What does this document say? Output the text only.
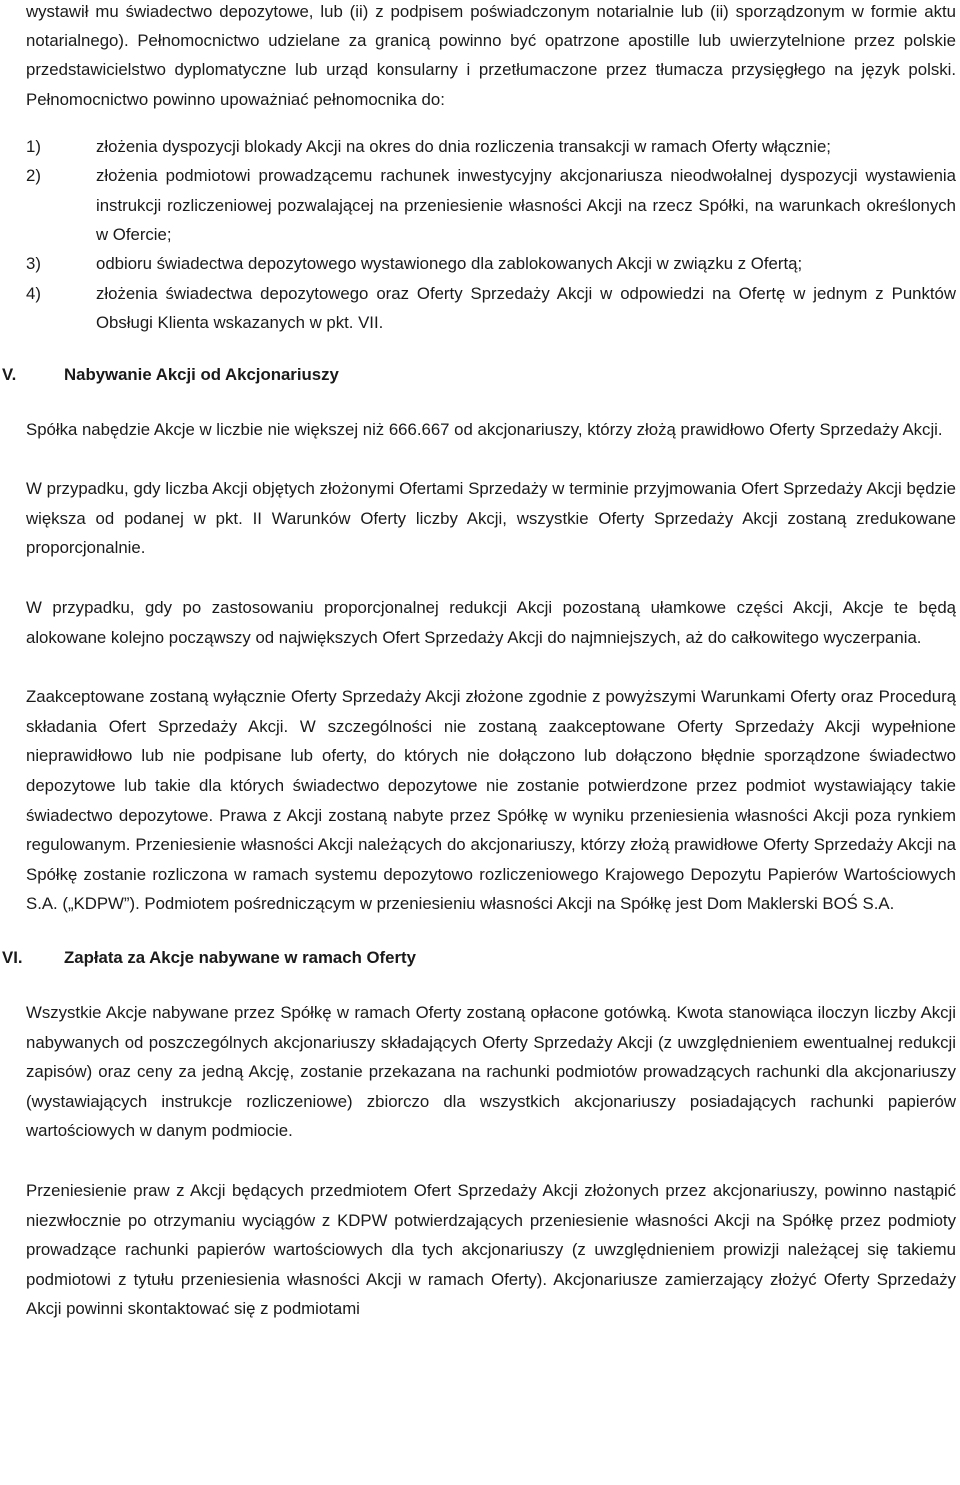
wystawił mu świadectwo depozytowe, lub (ii) z podpisem poświadczonym notarialnie lub (ii) sporządzonym w formie aktu notarialnego). Pełnomocnictwo udzielane za granicą powinno być opatrzone apostille lub uwierzytelnione przez polskie przedstawicielstwo dyplomatyczne lub urząd konsularny i przetłumaczone przez tłumacza przysięgłego na język polski. Pełnomocnictwo powinno upoważniać pełnomocnika do:

1)	złożenia dyspozycji blokady Akcji na okres do dnia rozliczenia transakcji w ramach Oferty włącznie;
2)	złożenia podmiotowi prowadzącemu rachunek inwestycyjny akcjonariusza nieodwołalnej dyspozycji wystawienia instrukcji rozliczeniowej pozwalającej na przeniesienie własności Akcji na rzecz Spółki, na warunkach określonych w Ofercie;
3)	odbioru świadectwa depozytowego wystawionego dla zablokowanych Akcji w związku z Ofertą;
4)	złożenia świadectwa depozytowego oraz Oferty Sprzedaży Akcji w odpowiedzi na Ofertę w jednym z Punktów Obsługi Klienta wskazanych w pkt. VII.
V.	Nabywanie Akcji od Akcjonariuszy

Spółka nabędzie Akcje w liczbie nie większej niż 666.667 od akcjonariuszy, którzy złożą prawidłowo Oferty Sprzedaży Akcji.

W przypadku, gdy liczba Akcji objętych złożonymi Ofertami Sprzedaży w terminie przyjmowania Ofert Sprzedaży Akcji będzie większa od podanej w pkt. II Warunków Oferty liczby Akcji, wszystkie Oferty Sprzedaży Akcji zostaną zredukowane proporcjonalnie.

W przypadku, gdy po zastosowaniu proporcjonalnej redukcji Akcji pozostaną ułamkowe części Akcji, Akcje te będą alokowane kolejno począwszy od największych Ofert Sprzedaży Akcji do najmniejszych, aż do całkowitego wyczerpania.

Zaakceptowane zostaną wyłącznie Oferty Sprzedaży Akcji złożone zgodnie z powyższymi Warunkami Oferty oraz Procedurą składania Ofert Sprzedaży Akcji. W szczególności nie zostaną zaakceptowane Oferty Sprzedaży Akcji wypełnione nieprawidłowo lub nie podpisane lub oferty, do których nie dołączono lub dołączono błędnie sporządzone świadectwo depozytowe lub takie dla których świadectwo depozytowe nie zostanie potwierdzone przez podmiot wystawiający takie świadectwo depozytowe. Prawa z Akcji zostaną nabyte przez Spółkę w wyniku przeniesienia własności Akcji poza rynkiem regulowanym. Przeniesienie własności Akcji należących do akcjonariuszy, którzy złożą prawidłowe Oferty Sprzedaży Akcji na Spółkę zostanie rozliczona w ramach systemu depozytowo rozliczeniowego Krajowego Depozytu Papierów Wartościowych S.A. („KDPW”). Podmiotem pośredniczącym w przeniesieniu własności Akcji na Spółkę jest Dom Maklerski BOŚ S.A.

VI.	Zapłata za Akcje nabywane w ramach Oferty

Wszystkie Akcje nabywane przez Spółkę w ramach Oferty zostaną opłacone gotówką. Kwota stanowiąca iloczyn liczby Akcji nabywanych od poszczególnych akcjonariuszy składających Oferty Sprzedaży Akcji (z uwzględnieniem ewentualnej redukcji zapisów) oraz ceny za jedną Akcję, zostanie przekazana na rachunki podmiotów prowadzących rachunki dla akcjonariuszy (wystawiających instrukcje rozliczeniowe) zbiorczo dla wszystkich akcjonariuszy posiadających rachunki papierów wartościowych w danym podmiocie.

Przeniesienie praw z Akcji będących przedmiotem Ofert Sprzedaży Akcji złożonych przez akcjonariuszy, powinno nastąpić niezwłocznie po otrzymaniu wyciągów z KDPW potwierdzających przeniesienie własności Akcji na Spółkę przez podmioty prowadzące rachunki papierów wartościowych dla tych akcjonariuszy (z uwzględnieniem prowizji należącej się takiemu podmiotowi z tytułu przeniesienia własności Akcji w ramach Oferty). Akcjonariusze zamierzający złożyć Oferty Sprzedaży Akcji powinni skontaktować się z podmiotami
